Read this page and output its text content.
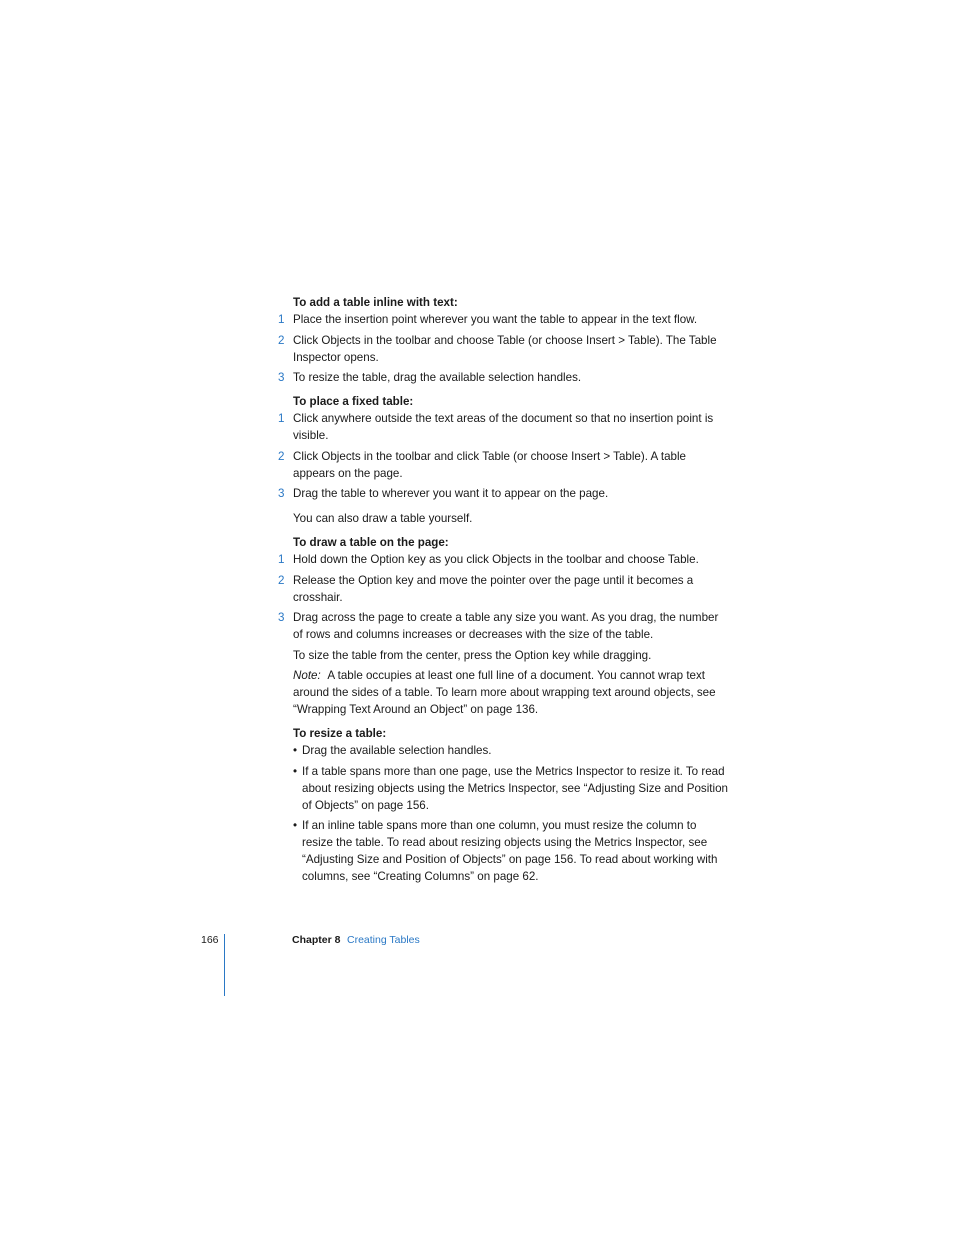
To add a table inline with text:
1 Place the insertion point wherever you want the table to appear in the text flow.
2 Click Objects in the toolbar and choose Table (or choose Insert > Table). The Table Inspector opens.
3 To resize the table, drag the available selection handles.
To place a fixed table:
1 Click anywhere outside the text areas of the document so that no insertion point is visible.
2 Click Objects in the toolbar and click Table (or choose Insert > Table). A table appears on the page.
3 Drag the table to wherever you want it to appear on the page.
You can also draw a table yourself.
To draw a table on the page:
1 Hold down the Option key as you click Objects in the toolbar and choose Table.
2 Release the Option key and move the pointer over the page until it becomes a crosshair.
3 Drag across the page to create a table any size you want. As you drag, the number of rows and columns increases or decreases with the size of the table.
To size the table from the center, press the Option key while dragging.
Note: A table occupies at least one full line of a document. You cannot wrap text around the sides of a table. To learn more about wrapping text around objects, see “Wrapping Text Around an Object” on page 136.
To resize a table:
• Drag the available selection handles.
• If a table spans more than one page, use the Metrics Inspector to resize it. To read about resizing objects using the Metrics Inspector, see “Adjusting Size and Position of Objects” on page 156.
• If an inline table spans more than one column, you must resize the column to resize the table. To read about resizing objects using the Metrics Inspector, see “Adjusting Size and Position of Objects” on page 156. To read about working with columns, see “Creating Columns” on page 62.
166	Chapter 8 Creating Tables
